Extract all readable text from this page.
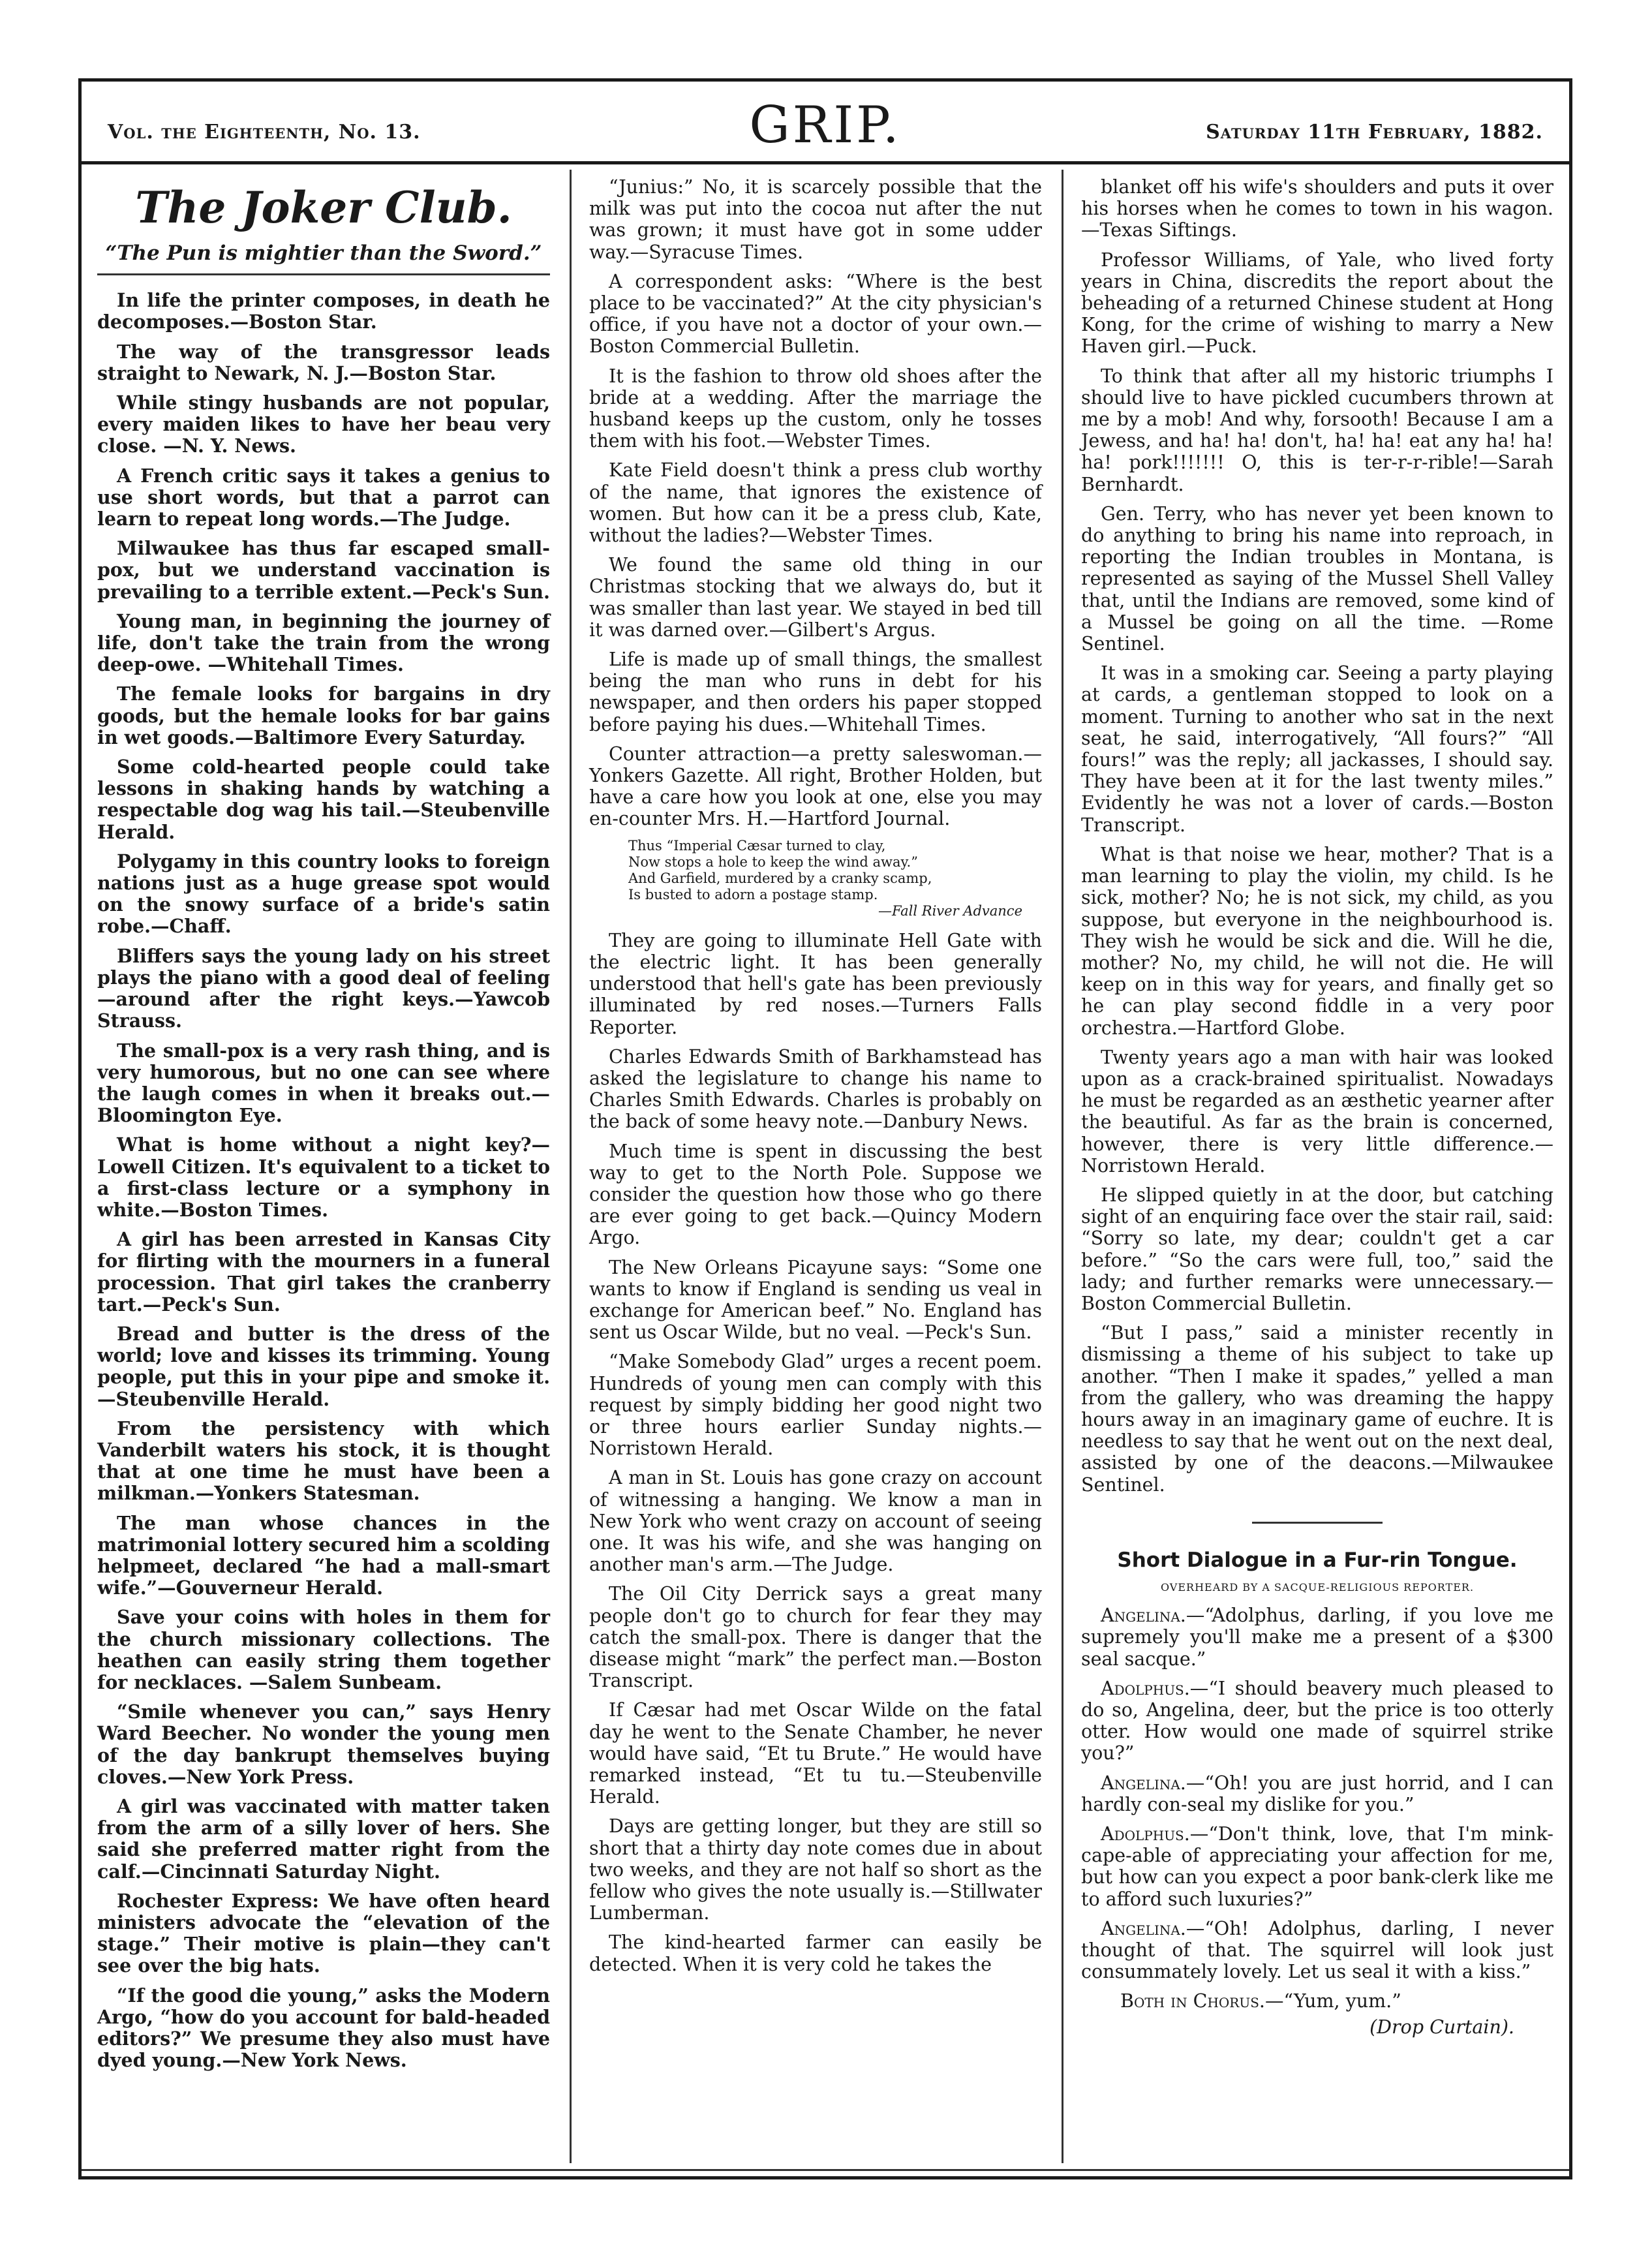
Vol. the Eighteenth, No. 13.	GRIP.	Saturday 11th February, 1882.
The Joker Club.
“The Pun is mightier than the Sword.”

In life the printer composes, in death he decomposes.—Boston Star.

The way of the transgressor leads straight to Newark, N. J.—Boston Star.

While stingy husbands are not popular, every maiden likes to have her beau very close. —N. Y. News.

A French critic says it takes a genius to use short words, but that a parrot can learn to repeat long words.—The Judge.

Milwaukee has thus far escaped small-pox, but we understand vaccination is prevailing to a terrible extent.—Peck's Sun.

Young man, in beginning the journey of life, don't take the train from the wrong deep-owe. —Whitehall Times.

The female looks for bargains in dry goods, but the hemale looks for bar gains in wet goods.—Baltimore Every Saturday.

Some cold-hearted people could take lessons in shaking hands by watching a respectable dog wag his tail.—Steubenville Herald.

Polygamy in this country looks to foreign nations just as a huge grease spot would on the snowy surface of a bride's satin robe.—Chaff.

Bliffers says the young lady on his street plays the piano with a good deal of feeling—around after the right keys.—Yawcob Strauss.

The small-pox is a very rash thing, and is very humorous, but no one can see where the laugh comes in when it breaks out.—Bloomington Eye.

What is home without a night key?—Lowell Citizen. It's equivalent to a ticket to a first-class lecture or a symphony in white.—Boston Times.

A girl has been arrested in Kansas City for flirting with the mourners in a funeral procession. That girl takes the cranberry tart.—Peck's Sun.

Bread and butter is the dress of the world; love and kisses its trimming. Young people, put this in your pipe and smoke it.—Steubenville Herald.

From the persistency with which Vanderbilt waters his stock, it is thought that at one time he must have been a milkman.—Yonkers Statesman.

The man whose chances in the matrimonial lottery secured him a scolding helpmeet, declared “he had a mall-smart wife.”—Gouverneur Herald.

Save your coins with holes in them for the church missionary collections. The heathen can easily string them together for necklaces. —Salem Sunbeam.

“Smile whenever you can,” says Henry Ward Beecher. No wonder the young men of the day bankrupt themselves buying cloves.—New York Press.

A girl was vaccinated with matter taken from the arm of a silly lover of hers. She said she preferred matter right from the calf.—Cincinnati Saturday Night.

Rochester Express: We have often heard ministers advocate the “elevation of the stage.” Their motive is plain—they can't see over the big hats.

“If the good die young,” asks the Modern Argo, “how do you account for bald-headed editors?” We presume they also must have dyed young.—New York News.

“Junius:” No, it is scarcely possible that the milk was put into the cocoa nut after the nut was grown; it must have got in some udder way.—Syracuse Times.

A correspondent asks: “Where is the best place to be vaccinated?” At the city physician's office, if you have not a doctor of your own.—Boston Commercial Bulletin.

It is the fashion to throw old shoes after the bride at a wedding. After the marriage the husband keeps up the custom, only he tosses them with his foot.—Webster Times.

Kate Field doesn't think a press club worthy of the name, that ignores the existence of women. But how can it be a press club, Kate, without the ladies?—Webster Times.

We found the same old thing in our Christmas stocking that we always do, but it was smaller than last year. We stayed in bed till it was darned over.—Gilbert's Argus.

Life is made up of small things, the smallest being the man who runs in debt for his newspaper, and then orders his paper stopped before paying his dues.—Whitehall Times.

Counter attraction—a pretty saleswoman.—Yonkers Gazette. All right, Brother Holden, but have a care how you look at one, else you may en-counter Mrs. H.—Hartford Journal.

Thus “Imperial Cæsar turned to clay,
Now stops a hole to keep the wind away.”
And Garfield, murdered by a cranky scamp,
Is busted to adorn a postage stamp.
—Fall River Advance

They are going to illuminate Hell Gate with the electric light. It has been generally understood that hell's gate has been previously illuminated by red noses.—Turners Falls Reporter.

Charles Edwards Smith of Barkhamstead has asked the legislature to change his name to Charles Smith Edwards. Charles is probably on the back of some heavy note.—Danbury News.

Much time is spent in discussing the best way to get to the North Pole. Suppose we consider the question how those who go there are ever going to get back.—Quincy Modern Argo.

The New Orleans Picayune says: “Some one wants to know if England is sending us veal in exchange for American beef.” No. England has sent us Oscar Wilde, but no veal. —Peck's Sun.

“Make Somebody Glad” urges a recent poem. Hundreds of young men can comply with this request by simply bidding her good night two or three hours earlier Sunday nights.—Norristown Herald.

A man in St. Louis has gone crazy on account of witnessing a hanging. We know a man in New York who went crazy on account of seeing one. It was his wife, and she was hanging on another man's arm.—The Judge.

The Oil City Derrick says a great many people don't go to church for fear they may catch the small-pox. There is danger that the disease might “mark” the perfect man.—Boston Transcript.

If Cæsar had met Oscar Wilde on the fatal day he went to the Senate Chamber, he never would have said, “Et tu Brute.” He would have remarked instead, “Et tu tu.—Steubenville Herald.

Days are getting longer, but they are still so short that a thirty day note comes due in about two weeks, and they are not half so short as the fellow who gives the note usually is.—Stillwater Lumberman.

The kind-hearted farmer can easily be detected. When it is very cold he takes the

blanket off his wife's shoulders and puts it over his horses when he comes to town in his wagon. —Texas Siftings.

Professor Williams, of Yale, who lived forty years in China, discredits the report about the beheading of a returned Chinese student at Hong Kong, for the crime of wishing to marry a New Haven girl.—Puck.

To think that after all my historic triumphs I should live to have pickled cucumbers thrown at me by a mob! And why, forsooth! Because I am a Jewess, and ha! ha! don't, ha! ha! eat any ha! ha! ha! pork!!!!!!! O, this is ter-r-r-rible!—Sarah Bernhardt.

Gen. Terry, who has never yet been known to do anything to bring his name into reproach, in reporting the Indian troubles in Montana, is represented as saying of the Mussel Shell Valley that, until the Indians are removed, some kind of a Mussel be going on all the time. —Rome Sentinel.

It was in a smoking car. Seeing a party playing at cards, a gentleman stopped to look on a moment. Turning to another who sat in the next seat, he said, interrogatively, “All fours?” “All fours!” was the reply; all jackasses, I should say. They have been at it for the last twenty miles.” Evidently he was not a lover of cards.—Boston Transcript.

What is that noise we hear, mother? That is a man learning to play the violin, my child. Is he sick, mother? No; he is not sick, my child, as you suppose, but everyone in the neighbourhood is. They wish he would be sick and die. Will he die, mother? No, my child, he will not die. He will keep on in this way for years, and finally get so he can play second fiddle in a very poor orchestra.—Hartford Globe.

Twenty years ago a man with hair was looked upon as a crack-brained spiritualist. Nowadays he must be regarded as an æsthetic yearner after the beautiful. As far as the brain is concerned, however, there is very little difference.—Norristown Herald.

He slipped quietly in at the door, but catching sight of an enquiring face over the stair rail, said: “Sorry so late, my dear; couldn't get a car before.” “So the cars were full, too,” said the lady; and further remarks were unnecessary.—Boston Commercial Bulletin.

“But I pass,” said a minister recently in dismissing a theme of his subject to take up another. “Then I make it spades,” yelled a man from the gallery, who was dreaming the happy hours away in an imaginary game of euchre. It is needless to say that he went out on the next deal, assisted by one of the deacons.—Milwaukee Sentinel.

Short Dialogue in a Fur-rin Tongue.
OVERHEARD BY A SACQUE-RELIGIOUS REPORTER.

Angelina.—“Adolphus, darling, if you love me supremely you'll make me a present of a $300 seal sacque.”

Adolphus.—“I should beavery much pleased to do so, Angelina, deer, but the price is too otterly otter. How would one made of squirrel strike you?”

Angelina.—“Oh! you are just horrid, and I can hardly con-seal my dislike for you.”

Adolphus.—“Don't think, love, that I'm mink-cape-able of appreciating your affection for me, but how can you expect a poor bank-clerk like me to afford such luxuries?”

Angelina.—“Oh! Adolphus, darling, I never thought of that. The squirrel will look just consummately lovely. Let us seal it with a kiss.”

Both in Chorus.—“Yum, yum.”

(Drop Curtain).
